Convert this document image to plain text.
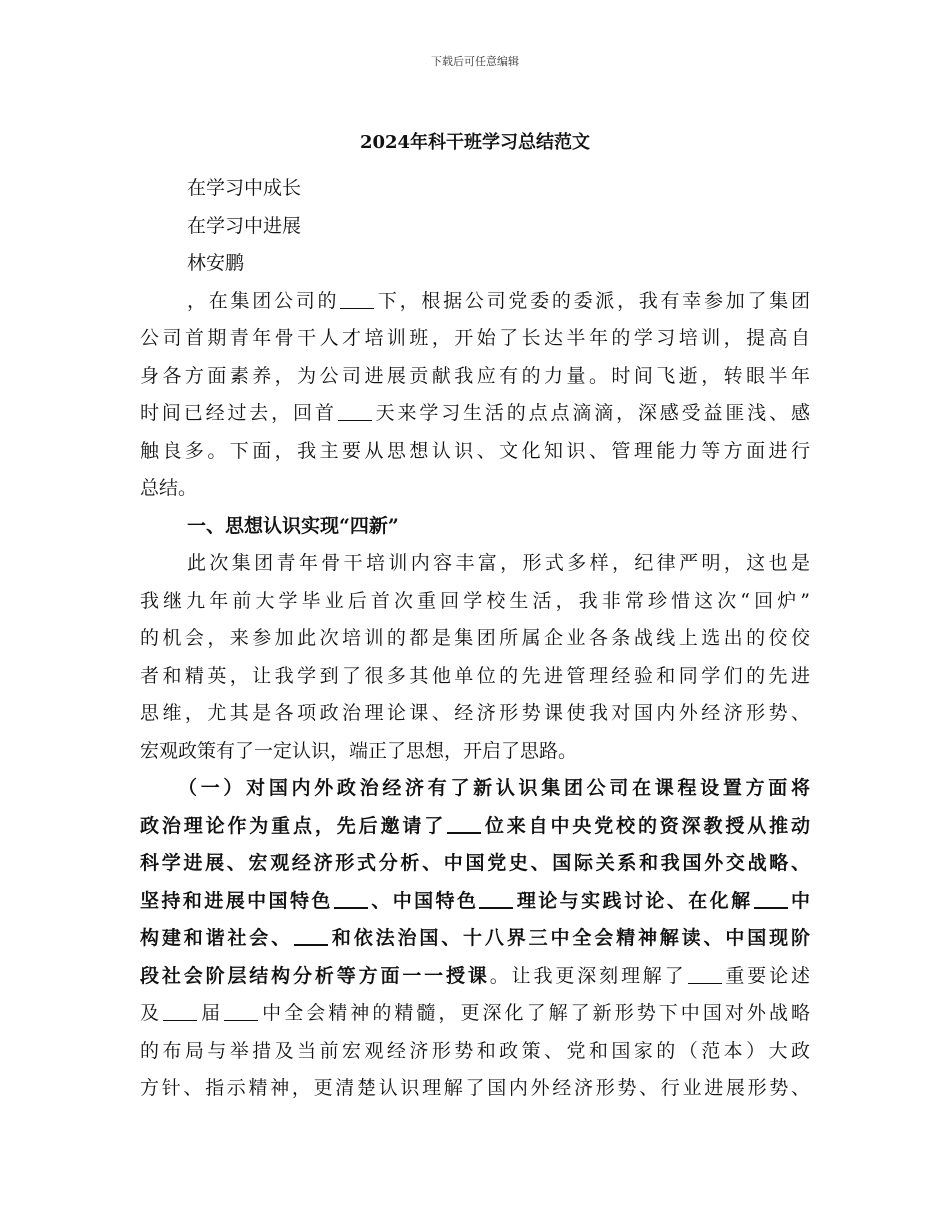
下载后可任意编辑
2024年科干班学习总结范文
在学习中成长
在学习中进展
林安鹏
，在集团公司的 下，根据公司党委的委派，我有幸参加了集团
公司首期青年骨干人才培训班，开始了长达半年的学习培训，提高自
身各方面素养，为公司进展贡献我应有的力量。时间飞逝，转眼半年
时间已经过去，回首 天来学习生活的点点滴滴，深感受益匪浅、感
触良多。下面，我主要从思想认识、文化知识、管理能力等方面进行
总结。
一、思想认识实现“四新”
此次集团青年骨干培训内容丰富，形式多样，纪律严明，这也是
我继九年前大学毕业后首次重回学校生活，我非常珍惜这次“回炉”
的机会，来参加此次培训的都是集团所属企业各条战线上选出的佼佼
者和精英，让我学到了很多其他单位的先进管理经验和同学们的先进
思维，尤其是各项政治理论课、经济形势课使我对国内外经济形势、
宏观政策有了一定认识，端正了思想，开启了思路。
（一）对国内外政治经济有了新认识集团公司在课程设置方面将
政治理论作为重点，先后邀请了 位来自中央党校的资深教授从推动
科学进展、宏观经济形式分析、中国党史、国际关系和我国外交战略、
坚持和进展中国特色 、中国特色 理论与实践讨论、在化解 中
构建和谐社会、 和依法治国、十八界三中全会精神解读、中国现阶
段社会阶层结构分析等方面一一授课。让我更深刻理解了 重要论述
及 届 中全会精神的精髓，更深化了解了新形势下中国对外战略
的布局与举措及当前宏观经济形势和政策、党和国家的（范本）大政
方针、指示精神，更清楚认识理解了国内外经济形势、行业进展形势、
